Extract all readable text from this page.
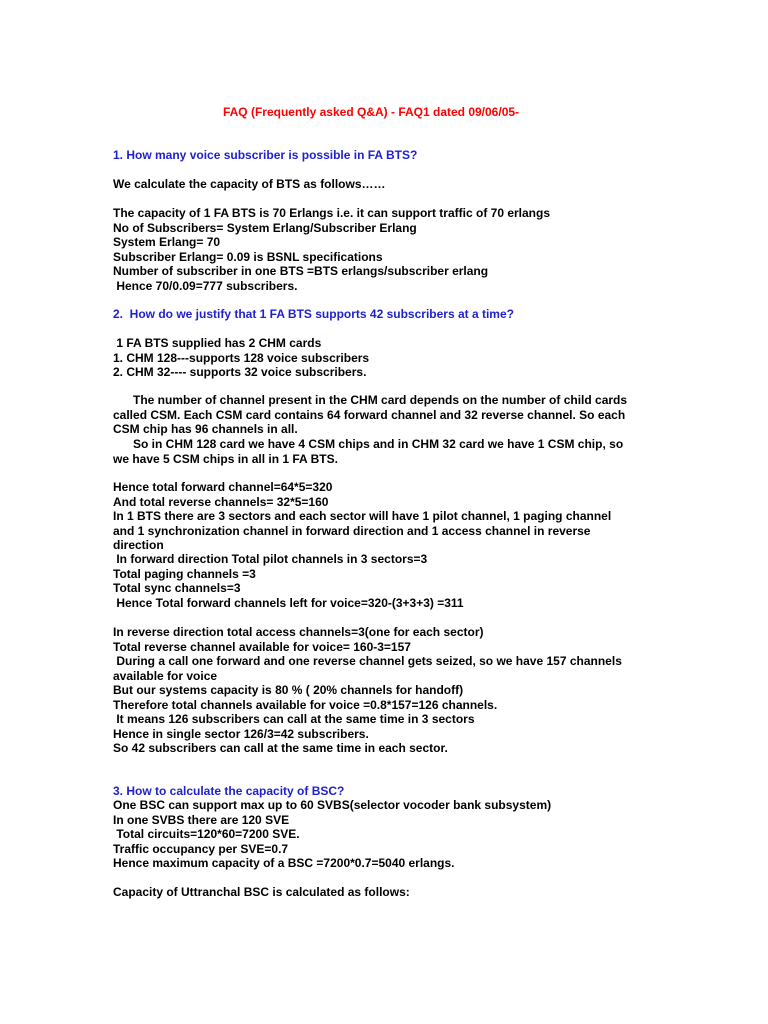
FAQ (Frequently asked Q&A) - FAQ1 dated 09/06/05-
1. How many voice subscriber is possible in FA BTS?
We calculate the capacity of BTS as follows……
The capacity of 1 FA BTS is 70 Erlangs i.e. it can support traffic of 70 erlangs
No of Subscribers= System Erlang/Subscriber Erlang
System Erlang= 70
Subscriber Erlang= 0.09 is BSNL specifications
Number of subscriber in one BTS =BTS erlangs/subscriber erlang
Hence 70/0.09=777 subscribers.
2.  How do we justify that 1 FA BTS supports 42 subscribers at a time?
1 FA BTS supplied has 2 CHM cards
1. CHM 128---supports 128 voice subscribers
2. CHM 32---- supports 32 voice subscribers.
The number of channel present in the CHM card depends on the number of child cards called CSM. Each CSM card contains 64 forward channel and 32 reverse channel. So each CSM chip has 96 channels in all.
So in CHM 128 card we have 4 CSM chips and in CHM 32 card we have 1 CSM chip, so we have 5 CSM chips in all in 1 FA BTS.
Hence total forward channel=64*5=320
And total reverse channels= 32*5=160
In 1 BTS there are 3 sectors and each sector will have 1 pilot channel, 1 paging channel and 1 synchronization channel in forward direction and 1 access channel in reverse direction
In forward direction Total pilot channels in 3 sectors=3
Total paging channels =3
Total sync channels=3
Hence Total forward channels left for voice=320-(3+3+3) =311
In reverse direction total access channels=3(one for each sector)
Total reverse channel available for voice= 160-3=157
During a call one forward and one reverse channel gets seized, so we have 157 channels available for voice
But our systems capacity is 80 % ( 20% channels for handoff)
Therefore total channels available for voice =0.8*157=126 channels.
It means 126 subscribers can call at the same time in 3 sectors
Hence in single sector 126/3=42 subscribers.
So 42 subscribers can call at the same time in each sector.
3. How to calculate the capacity of BSC?
One BSC can support max up to 60 SVBS(selector vocoder bank subsystem)
In one SVBS there are 120 SVE
Total circuits=120*60=7200 SVE.
Traffic occupancy per SVE=0.7
Hence maximum capacity of a BSC =7200*0.7=5040 erlangs.
Capacity of Uttranchal BSC is calculated as follows:
